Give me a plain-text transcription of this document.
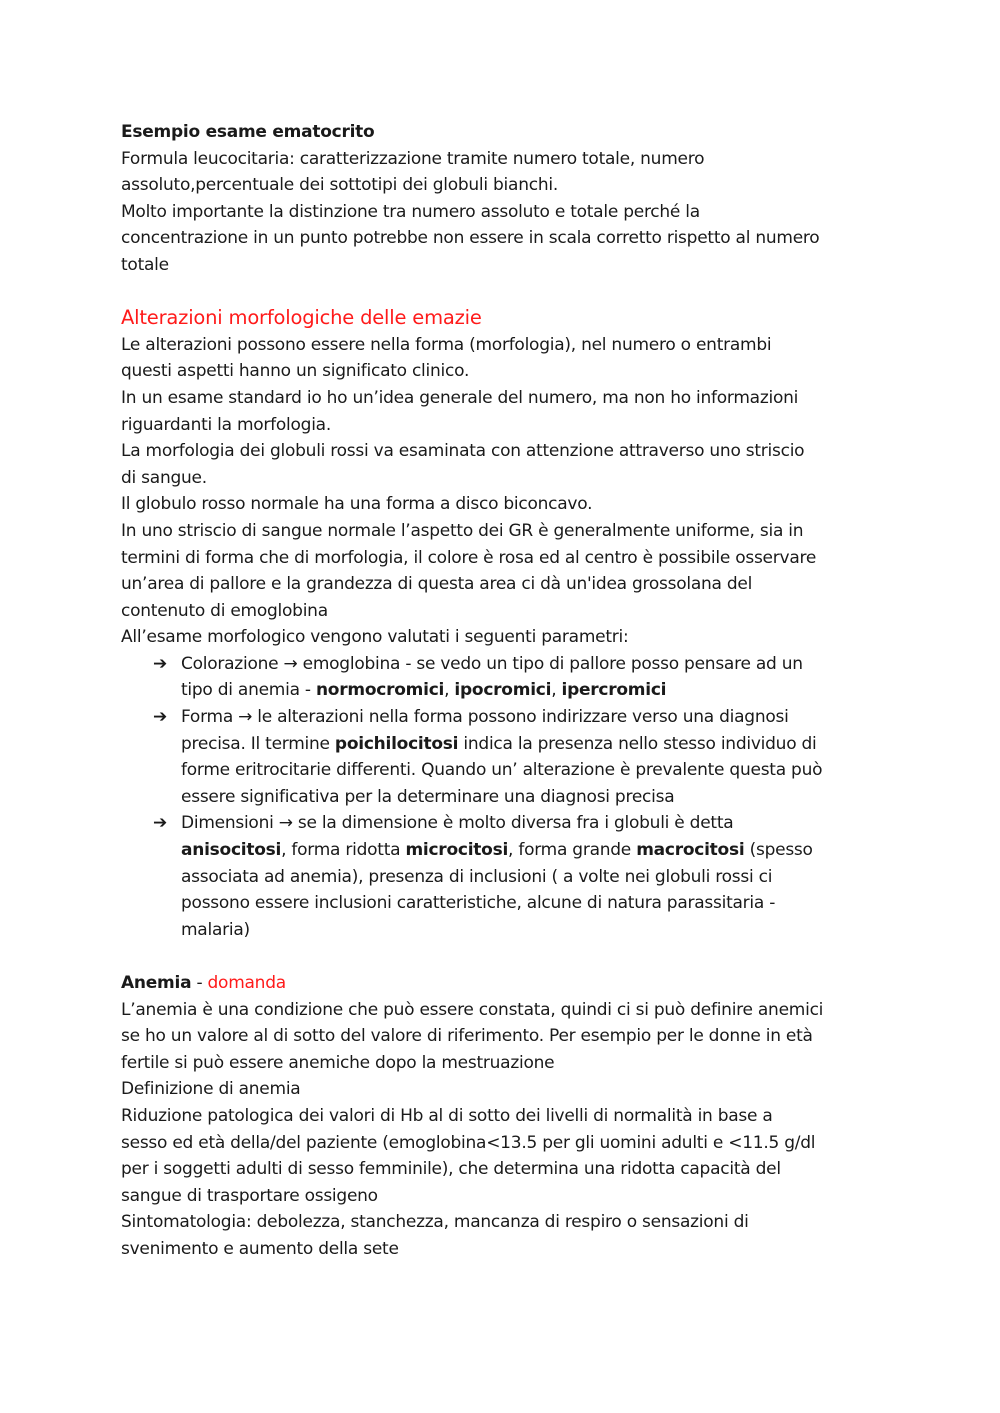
Esempio esame ematocrito

Formula leucocitaria: caratterizzazione tramite numero totale, numero

assoluto,percentuale dei sottotipi dei globuli bianchi.

Molto importante la distinzione tra numero assoluto e totale perché la

concentrazione in un punto potrebbe non essere in scala corretto rispetto al numero

totale

Alterazioni morfologiche delle emazie

Le alterazioni possono essere nella forma (morfologia), nel numero o entrambi

questi aspetti hanno un significato clinico.

In un esame standard io ho un’idea generale del numero, ma non ho informazioni

riguardanti la morfologia.

La morfologia dei globuli rossi va esaminata con attenzione attraverso uno striscio

di sangue.

Il globulo rosso normale ha una forma a disco biconcavo.

In uno striscio di sangue normale l’aspetto dei GR è generalmente uniforme, sia in

termini di forma che di morfologia, il colore è rosa ed al centro è possibile osservare

un’area di pallore e la grandezza di questa area ci dà un'idea grossolana del

contenuto di emoglobina

All’esame morfologico vengono valutati i seguenti parametri:

➔ Colorazione → emoglobina - se vedo un tipo di pallore posso pensare ad un

tipo di anemia - normocromici, ipocromici, ipercromici

➔ Forma → le alterazioni nella forma possono indirizzare verso una diagnosi

precisa. Il termine poichilocitosi indica la presenza nello stesso individuo di

forme eritrocitarie differenti. Quando un’ alterazione è prevalente questa può

essere significativa per la determinare una diagnosi precisa

➔ Dimensioni → se la dimensione è molto diversa fra i globuli è detta

anisocitosi, forma ridotta microcitosi, forma grande macrocitosi (spesso

associata ad anemia), presenza di inclusioni ( a volte nei globuli rossi ci

possono essere inclusioni caratteristiche, alcune di natura parassitaria -

malaria)

Anemia - domanda

L’anemia è una condizione che può essere constata, quindi ci si può definire anemici

se ho un valore al di sotto del valore di riferimento. Per esempio per le donne in età

fertile si può essere anemiche dopo la mestruazione

Definizione di anemia

Riduzione patologica dei valori di Hb al di sotto dei livelli di normalità in base a

sesso ed età della/del paziente (emoglobina<13.5 per gli uomini adulti e <11.5 g/dl

per i soggetti adulti di sesso femminile), che determina una ridotta capacità del

sangue di trasportare ossigeno

Sintomatologia: debolezza, stanchezza, mancanza di respiro o sensazioni di

svenimento e aumento della sete
